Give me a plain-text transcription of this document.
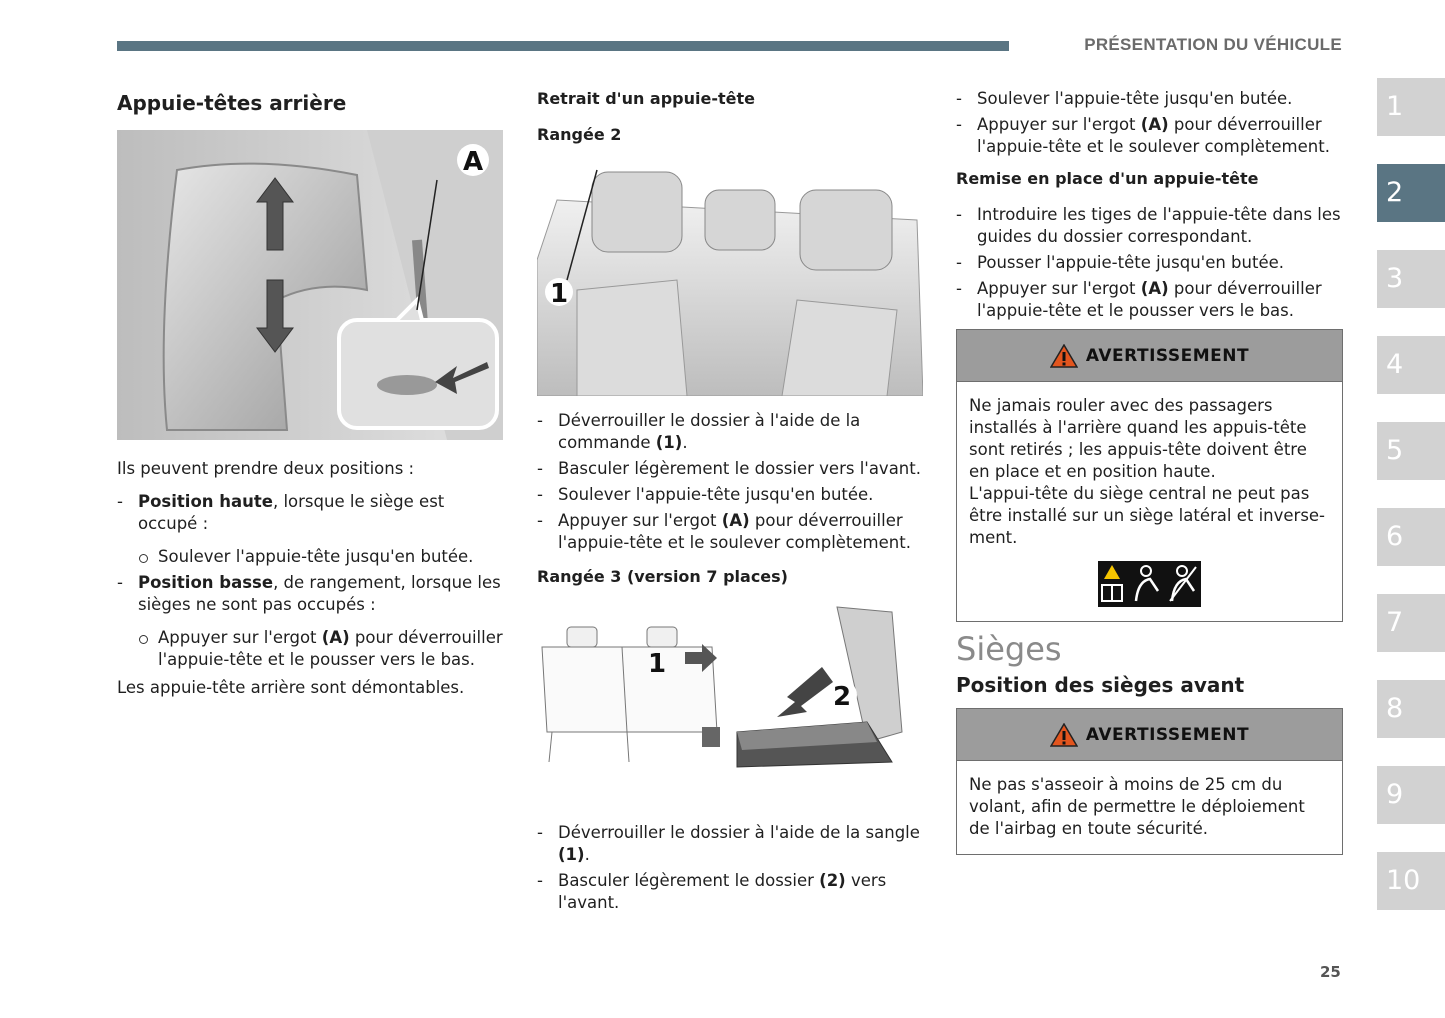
PRÉSENTATION DU VÉHICULE
Appuie-têtes arrière
A

Ils peuvent prendre deux positions :

- Position haute, lorsque le siège est occupé :
Soulever l'appuie-tête jusqu'en butée.
- Position basse, de rangement, lorsque les sièges ne sont pas occupés :
Appuyer sur l'ergot (A) pour déverrouiller l'appuie-tête et le pousser vers le bas.

Les appuie-tête arrière sont démontables.

Retrait d'un appuie-tête
Rangée 2
1
- Déverrouiller le dossier à l'aide de la commande (1).
- Basculer légèrement le dossier vers l'avant.
- Soulever l'appuie-tête jusqu'en butée.
- Appuyer sur l'ergot (A) pour déverrouiller l'appuie-tête et le soulever complètement.
Rangée 3 (version 7 places)
1
2
- Déverrouiller le dossier à l'aide de la sangle (1).
- Basculer légèrement le dossier (2) vers l'avant.
- Soulever l'appuie-tête jusqu'en butée.
- Appuyer sur l'ergot (A) pour déverrouiller l'appuie-tête et le soulever complètement.
Remise en place d'un appuie-tête
- Introduire les tiges de l'appuie-tête dans les guides du dossier correspondant.
- Pousser l'appuie-tête jusqu'en butée.
- Appuyer sur l'ergot (A) pour déverrouiller l'appuie-tête et le pousser vers le bas.
AVERTISSEMENT

Ne jamais rouler avec des passagers installés à l'arrière quand les appuis-tête sont retirés ; les appuis-tête doivent être en place et en position haute.

L'appui-tête du siège central ne peut pas être installé sur un siège latéral et inverse-ment.

Sièges
Position des sièges avant
AVERTISSEMENT

Ne pas s'asseoir à moins de 25 cm du volant, afin de permettre le déploiement de l'airbag en toute sécurité.

1
2
3
4
5
6
7
8
9
10
25
